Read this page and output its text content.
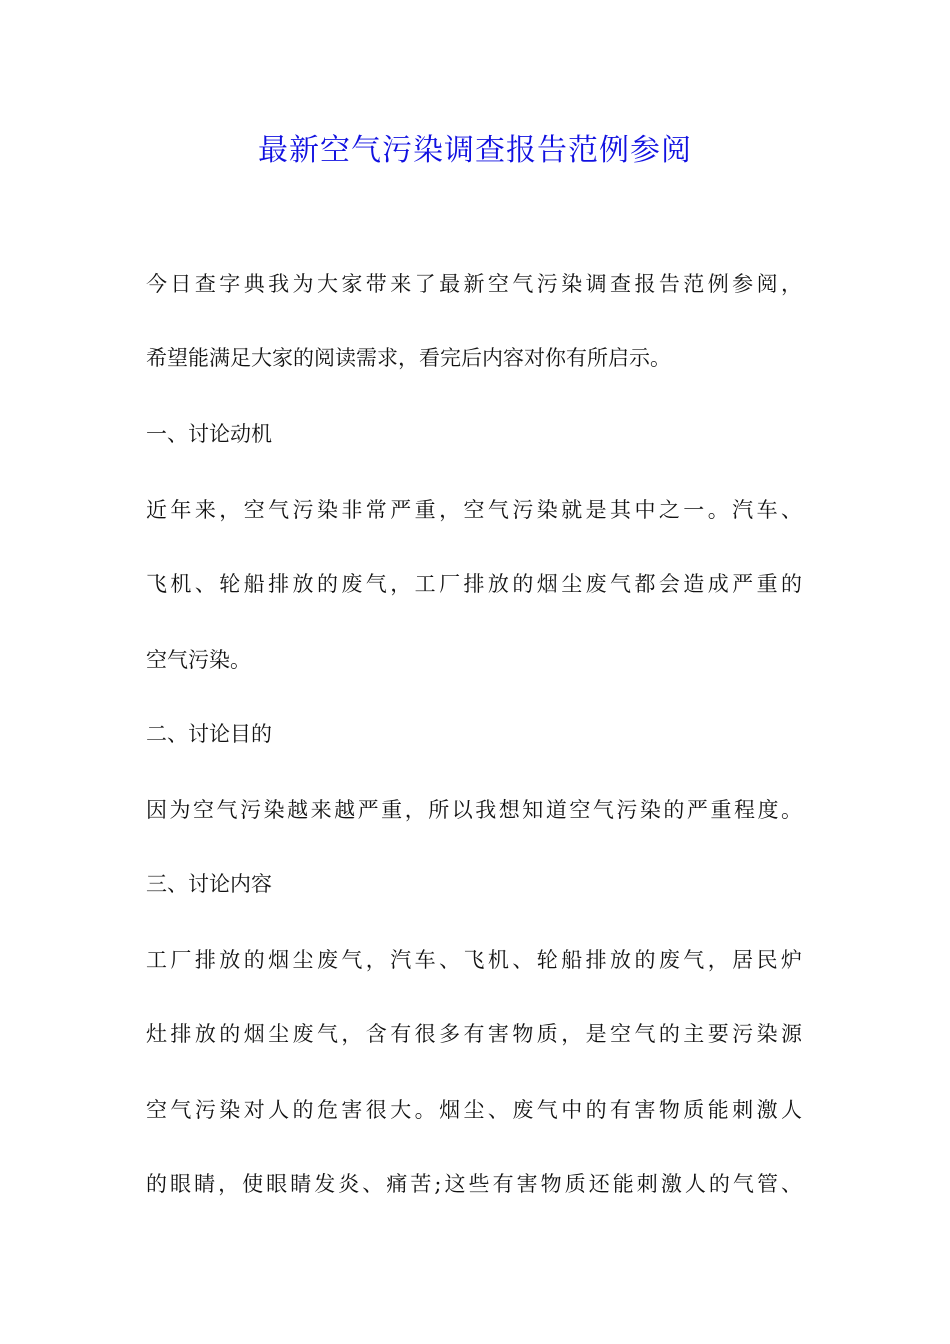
最新空气污染调查报告范例参阅

今日查字典我为大家带来了最新空气污染调查报告范例参阅，

希望能满足大家的阅读需求，看完后内容对你有所启示。

一、讨论动机

近年来，空气污染非常严重，空气污染就是其中之一。汽车、

飞机、轮船排放的废气，工厂排放的烟尘废气都会造成严重的

空气污染。

二、讨论目的

因为空气污染越来越严重，所以我想知道空气污染的严重程度。

三、讨论内容

工厂排放的烟尘废气，汽车、飞机、轮船排放的废气，居民炉

灶排放的烟尘废气，含有很多有害物质，是空气的主要污染源

空气污染对人的危害很大。烟尘、废气中的有害物质能刺激人

的眼睛，使眼睛发炎、痛苦;这些有害物质还能刺激人的气管、
